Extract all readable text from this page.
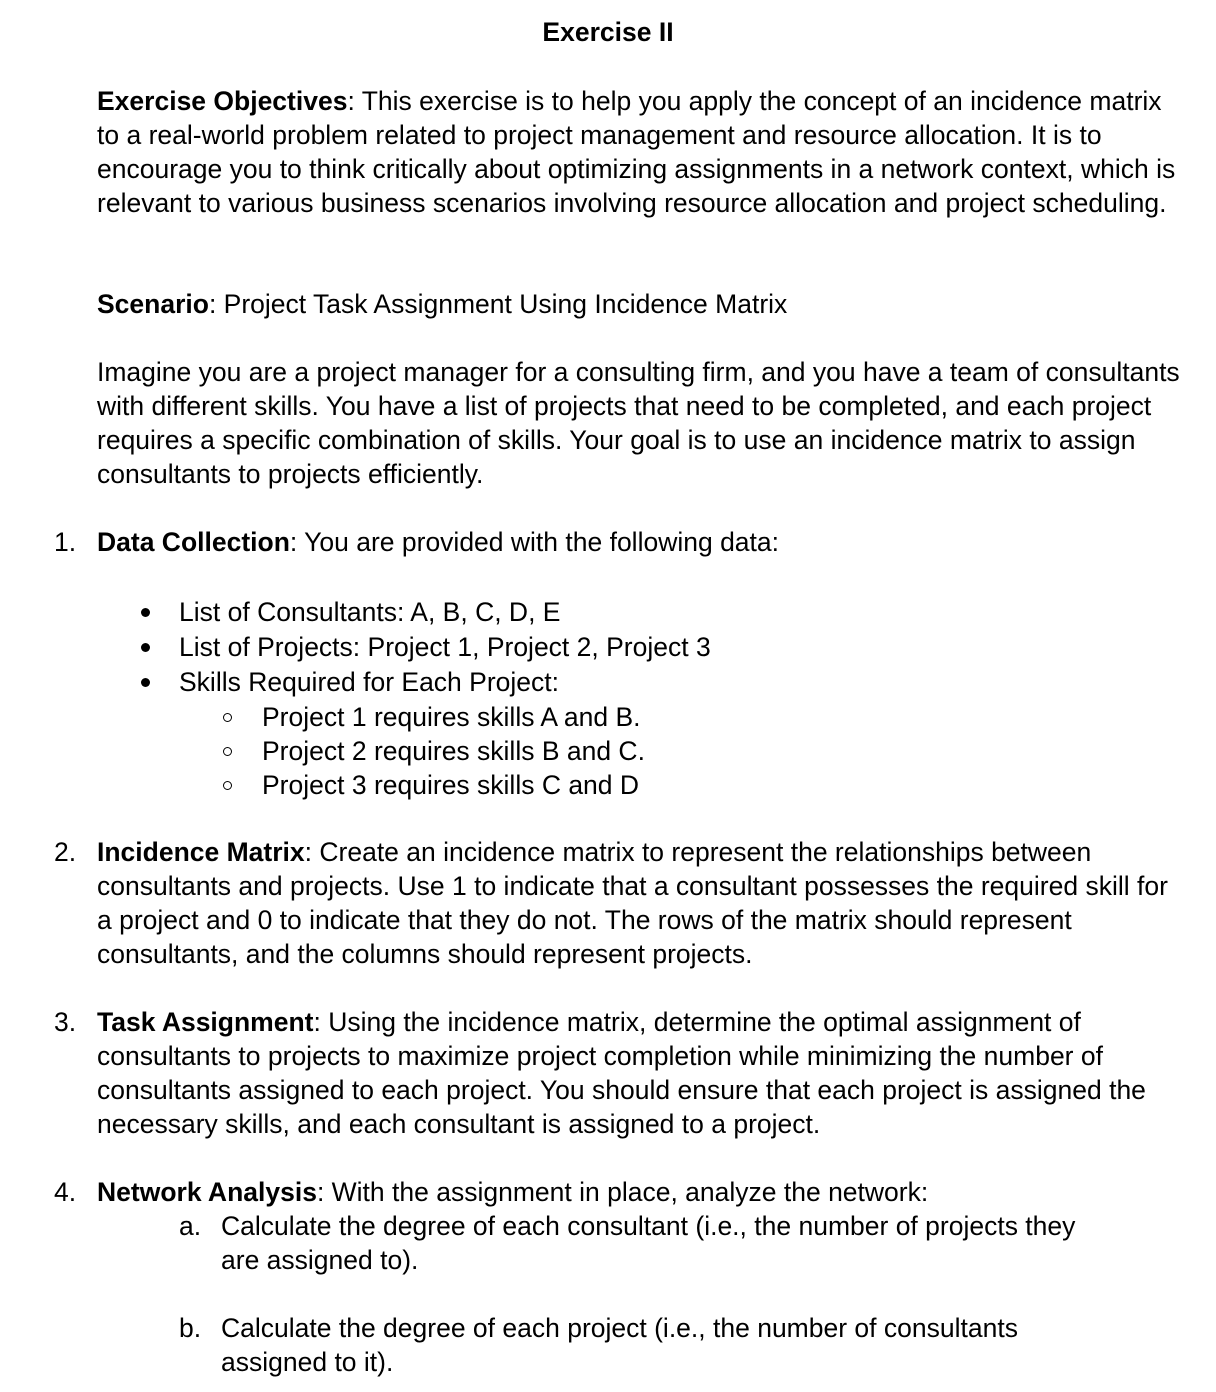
Exercise II

Exercise Objectives: This exercise is to help you apply the concept of an incidence matrix to a real-world problem related to project management and resource allocation. It is to encourage you to think critically about optimizing assignments in a network context, which is relevant to various business scenarios involving resource allocation and project scheduling.

Scenario: Project Task Assignment Using Incidence Matrix

Imagine you are a project manager for a consulting firm, and you have a team of consultants with different skills. You have a list of projects that need to be completed, and each project requires a specific combination of skills. Your goal is to use an incidence matrix to assign consultants to projects efficiently.

1. Data Collection: You are provided with the following data:
List of Consultants: A, B, C, D, E
List of Projects: Project 1, Project 2, Project 3
Skills Required for Each Project:
Project 1 requires skills A and B.
Project 2 requires skills B and C.
Project 3 requires skills C and D
2. Incidence Matrix: Create an incidence matrix to represent the relationships between consultants and projects. Use 1 to indicate that a consultant possesses the required skill for a project and 0 to indicate that they do not. The rows of the matrix should represent consultants, and the columns should represent projects.
3. Task Assignment: Using the incidence matrix, determine the optimal assignment of consultants to projects to maximize project completion while minimizing the number of consultants assigned to each project. You should ensure that each project is assigned the necessary skills, and each consultant is assigned to a project.
4. Network Analysis: With the assignment in place, analyze the network:
a. Calculate the degree of each consultant (i.e., the number of projects they are assigned to).
b. Calculate the degree of each project (i.e., the number of consultants assigned to it).
